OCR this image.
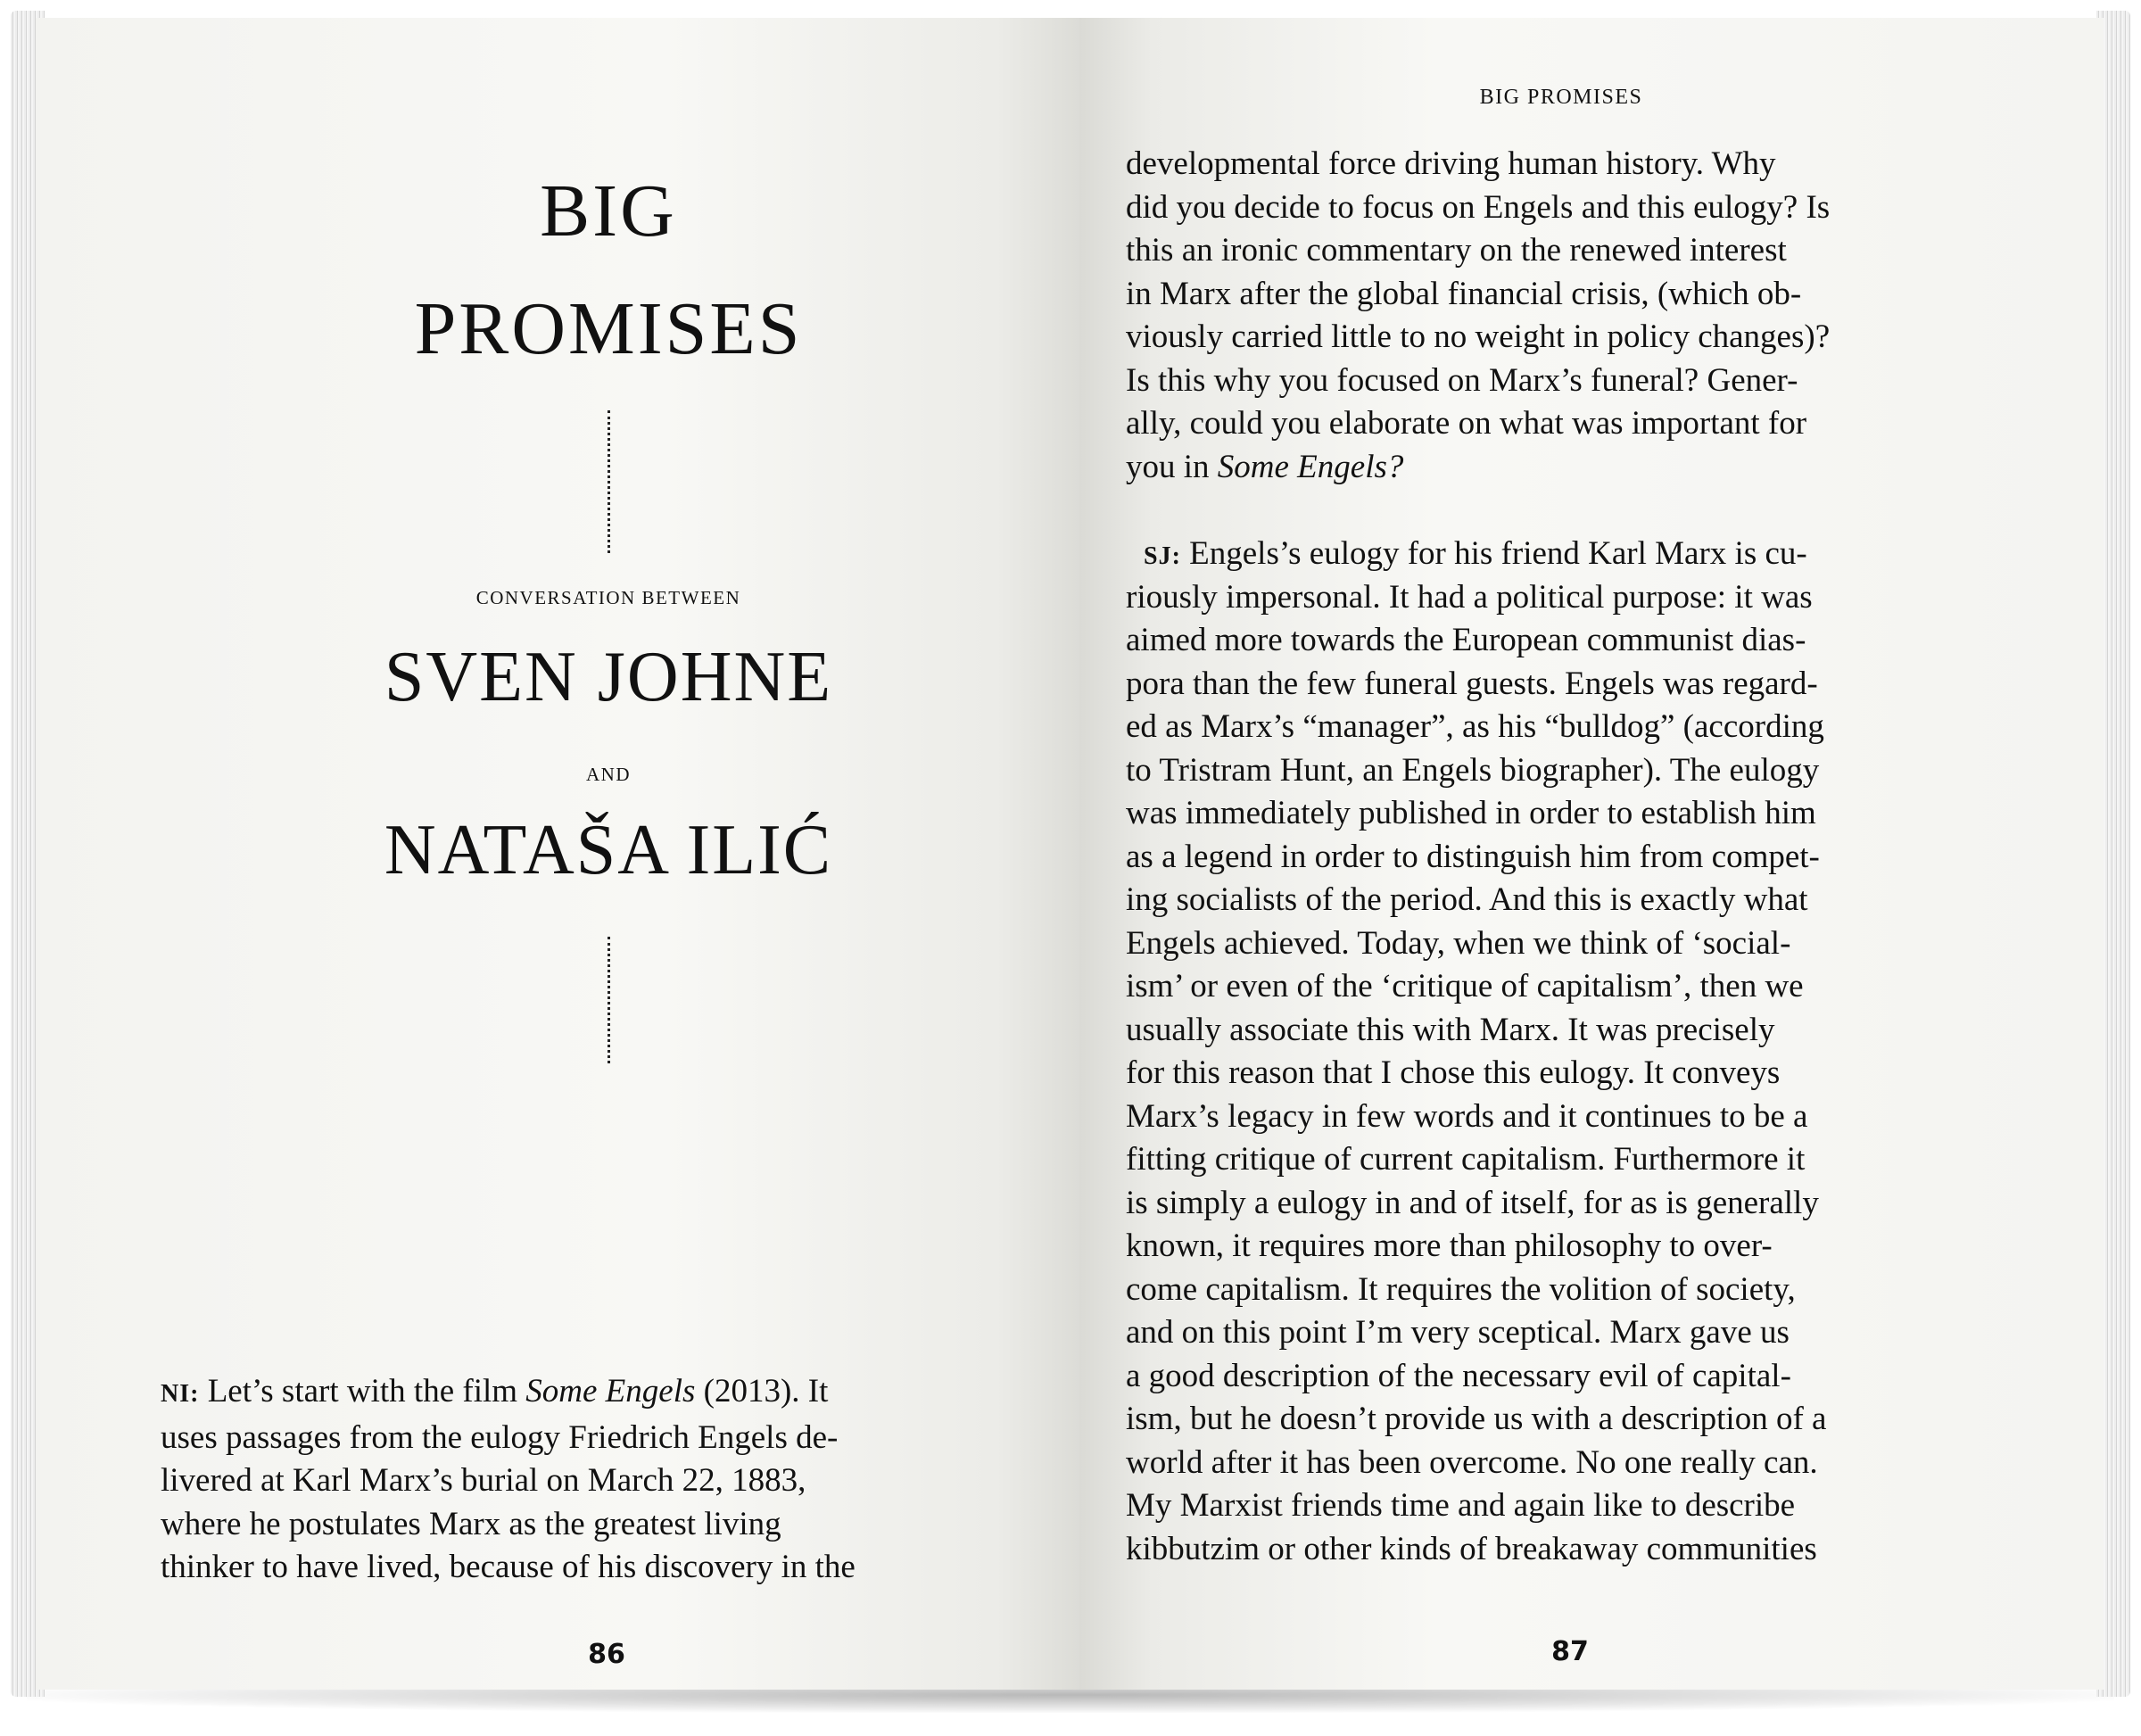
BIG
PROMISES
CONVERSATION BETWEEN
SVEN JOHNE
AND
NATAŠA ILIĆ
NI: Let’s start with the film Some Engels (2013). It
uses passages from the eulogy Friedrich Engels de-
livered at Karl Marx’s burial on March 22, 1883,
where he postulates Marx as the greatest living
thinker to have lived, because of his discovery in the
86
BIG PROMISES
developmental force driving human history. Why
did you decide to focus on Engels and this eulogy? Is
this an ironic commentary on the renewed interest
in Marx after the global financial crisis, (which ob-
viously carried little to no weight in policy changes)?
Is this why you focused on Marx’s funeral? Gener-
ally, could you elaborate on what was important for
you in Some Engels?
SJ: Engels’s eulogy for his friend Karl Marx is cu-
riously impersonal. It had a political purpose: it was
aimed more towards the European communist dias-
pora than the few funeral guests. Engels was regard-
ed as Marx’s “manager”, as his “bulldog” (according
to Tristram Hunt, an Engels biographer). The eulogy
was immediately published in order to establish him
as a legend in order to distinguish him from compet-
ing socialists of the period. And this is exactly what
Engels achieved. Today, when we think of ‘social-
ism’ or even of the ‘critique of capitalism’, then we
usually associate this with Marx. It was precisely
for this reason that I chose this eulogy. It conveys
Marx’s legacy in few words and it continues to be a
fitting critique of current capitalism. Furthermore it
is simply a eulogy in and of itself, for as is generally
known, it requires more than philosophy to over-
come capitalism. It requires the volition of society,
and on this point I’m very sceptical. Marx gave us
a good description of the necessary evil of capital-
ism, but he doesn’t provide us with a description of a
world after it has been overcome. No one really can.
My Marxist friends time and again like to describe
kibbutzim or other kinds of breakaway communities
87
